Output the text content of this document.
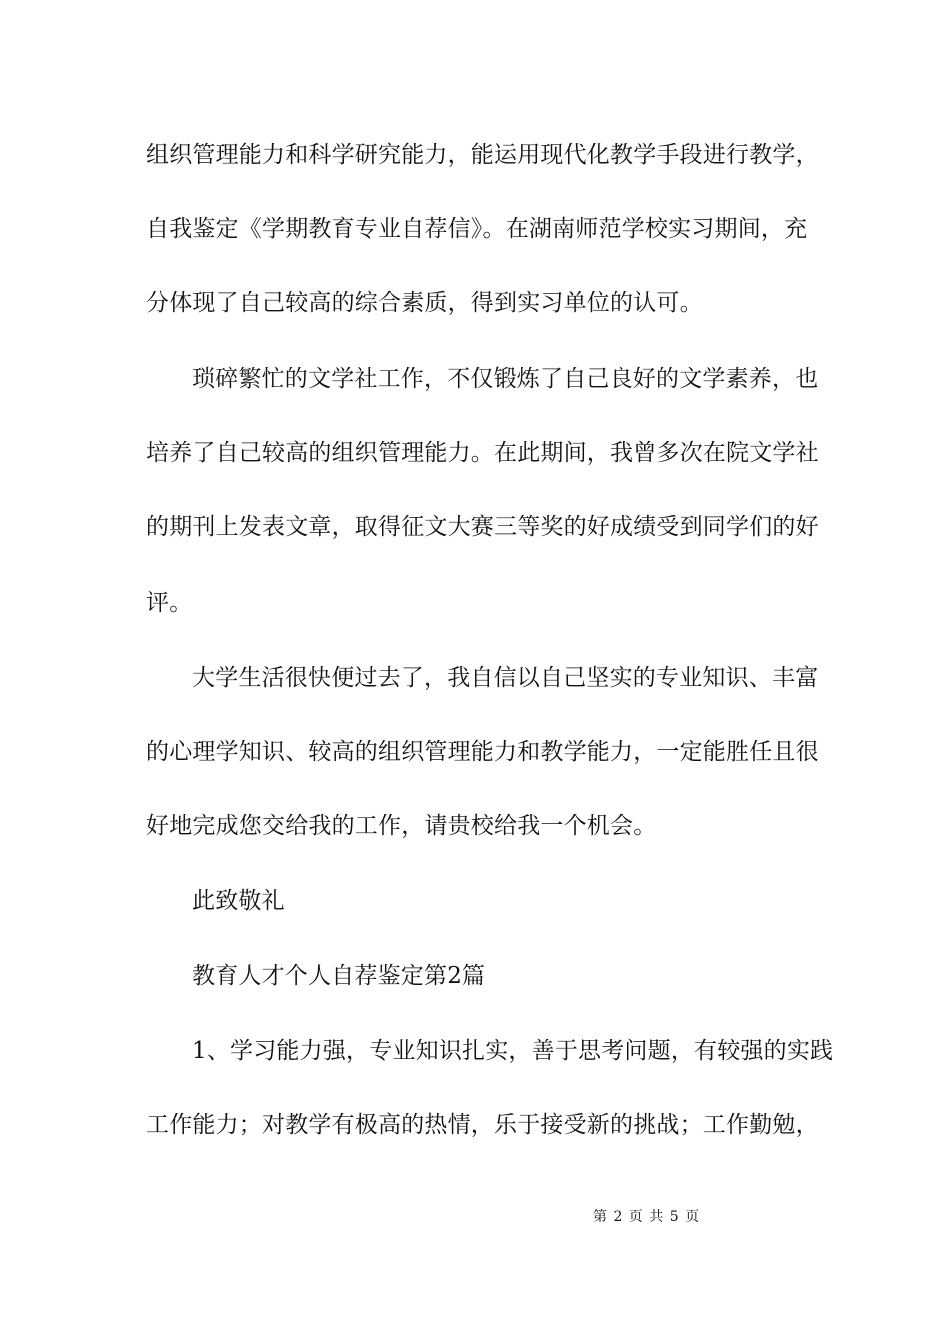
组织管理能力和科学研究能力，能运用现代化教学手段进行教学，
自我鉴定《学期教育专业自荐信》。在湖南师范学校实习期间，充
分体现了自己较高的综合素质，得到实习单位的认可。
琐碎繁忙的文学社工作，不仅锻炼了自己良好的文学素养，也
培养了自己较高的组织管理能力。在此期间，我曾多次在院文学社
的期刊上发表文章，取得征文大赛三等奖的好成绩受到同学们的好
评。
大学生活很快便过去了，我自信以自己坚实的专业知识、丰富
的心理学知识、较高的组织管理能力和教学能力，一定能胜任且很
好地完成您交给我的工作，请贵校给我一个机会。
此致敬礼
教育人才个人自荐鉴定第2篇
1、学习能力强，专业知识扎实，善于思考问题，有较强的实践
工作能力；对教学有极高的热情，乐于接受新的挑战；工作勤勉，
第 2 页 共 5 页
